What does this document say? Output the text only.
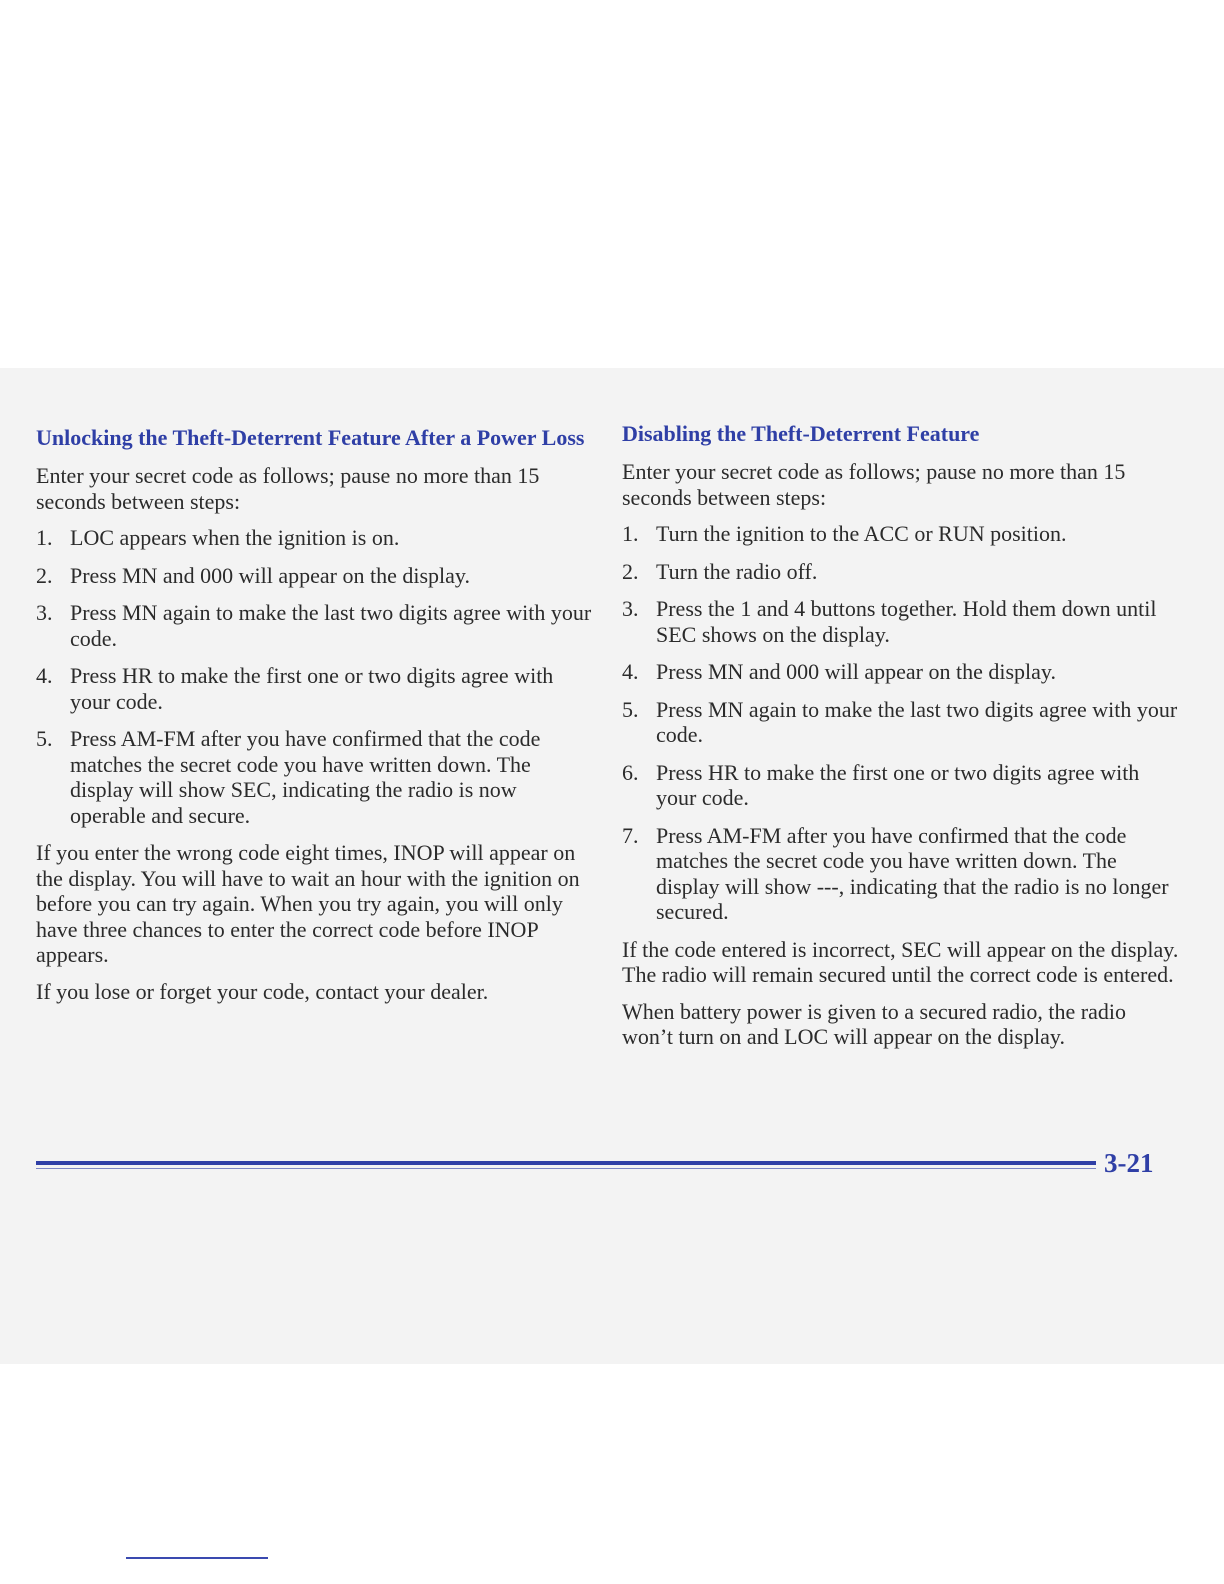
Unlocking the Theft-Deterrent Feature After a Power Loss

Enter your secret code as follows; pause no more than 15 seconds between steps:

1. LOC appears when the ignition is on.
2. Press MN and 000 will appear on the display.
3. Press MN again to make the last two digits agree with your code.
4. Press HR to make the first one or two digits agree with your code.
5. Press AM-FM after you have confirmed that the code matches the secret code you have written down. The display will show SEC, indicating the radio is now operable and secure.

If you enter the wrong code eight times, INOP will appear on the display. You will have to wait an hour with the ignition on before you can try again. When you try again, you will only have three chances to enter the correct code before INOP appears.

If you lose or forget your code, contact your dealer.

Disabling the Theft-Deterrent Feature

Enter your secret code as follows; pause no more than 15 seconds between steps:

1. Turn the ignition to the ACC or RUN position.
2. Turn the radio off.
3. Press the 1 and 4 buttons together. Hold them down until SEC shows on the display.
4. Press MN and 000 will appear on the display.
5. Press MN again to make the last two digits agree with your code.
6. Press HR to make the first one or two digits agree with your code.
7. Press AM-FM after you have confirmed that the code matches the secret code you have written down. The display will show ---, indicating that the radio is no longer secured.

If the code entered is incorrect, SEC will appear on the display. The radio will remain secured until the correct code is entered.

When battery power is given to a secured radio, the radio won’t turn on and LOC will appear on the display.

3-21
